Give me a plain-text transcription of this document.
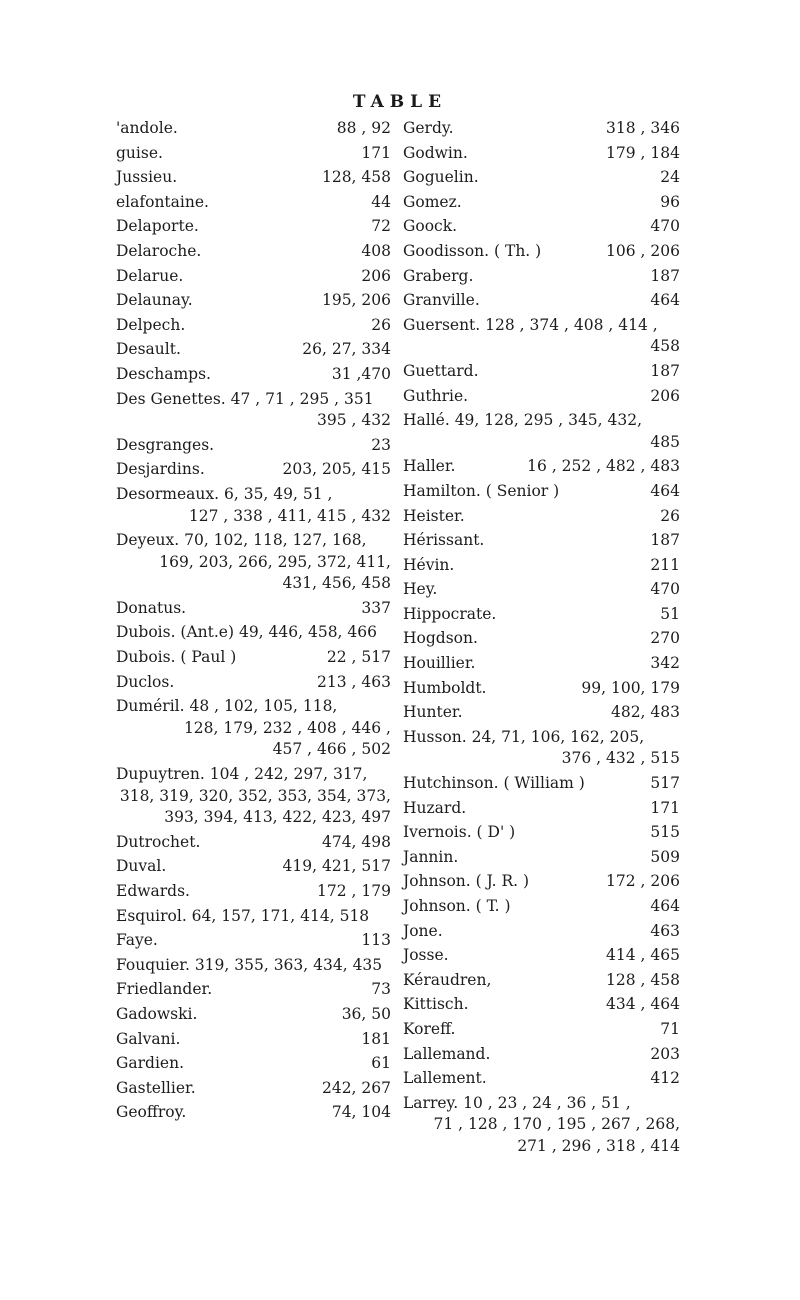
TABLE
'andole.	88 , 92
guise.	171
Jussieu.	128, 458
elafontaine.	44
Delaporte.	72
Delaroche.	408
Delarue.	206
Delaunay.	195, 206
Delpech.	26
Desault.	26, 27, 334
Deschamps.	31 ,470
Des Genettes. 47 , 71 , 295 , 351
395 , 432
Desgranges.	23
Desjardins.	203, 205, 415
Desormeaux. 6, 35, 49, 51 ,
127 , 338 , 411, 415 , 432
Deyeux. 70, 102, 118, 127, 168,
169, 203, 266, 295, 372, 411,
431, 456, 458
Donatus.	337
Dubois. (Ant.e) 49, 446, 458, 466
Dubois. ( Paul )	22 , 517
Duclos.	213 , 463
Duméril. 48 , 102, 105, 118,
128, 179, 232 , 408 , 446 ,
457 , 466 , 502
Dupuytren. 104 , 242, 297, 317,
318, 319, 320, 352, 353, 354, 373,
393, 394, 413, 422, 423, 497
Dutrochet.	474, 498
Duval.	419, 421, 517
Edwards.	172 , 179
Esquirol. 64, 157, 171, 414, 518
Faye.	113
Fouquier. 319, 355, 363, 434, 435
Friedlander.	73
Gadowski.	36, 50
Galvani.	181
Gardien.	61
Gastellier.	242, 267
Geoffroy.	74, 104
Gerdy.	318 , 346
Godwin.	179 , 184
Goguelin.	24
Gomez.	96
Goock.	470
Goodisson. ( Th. )	106 , 206
Graberg.	187
Granville.	464
Guersent. 128 , 374 , 408 , 414 ,
458
Guettard.	187
Guthrie.	206
Hallé. 49, 128, 295 , 345, 432,
485
Haller.	16 , 252 , 482 , 483
Hamilton. ( Senior )	464
Heister.	26
Hérissant.	187
Hévin.	211
Hey.	470
Hippocrate.	51
Hogdson.	270
Houillier.	342
Humboldt.	99, 100, 179
Hunter.	482, 483
Husson. 24, 71, 106, 162, 205,
376 , 432 , 515
Hutchinson. ( William )	517
Huzard.	171
Ivernois. ( D' )	515
Jannin.	509
Johnson. ( J. R. )	172 , 206
Johnson. ( T. )	464
Jone.	463
Josse.	414 , 465
Kéraudren,	128 , 458
Kittisch.	434 , 464
Koreff.	71
Lallemand.	203
Lallement.	412
Larrey. 10 , 23 , 24 , 36 , 51 ,
71 , 128 , 170 , 195 , 267 , 268,
271 , 296 , 318 , 414
